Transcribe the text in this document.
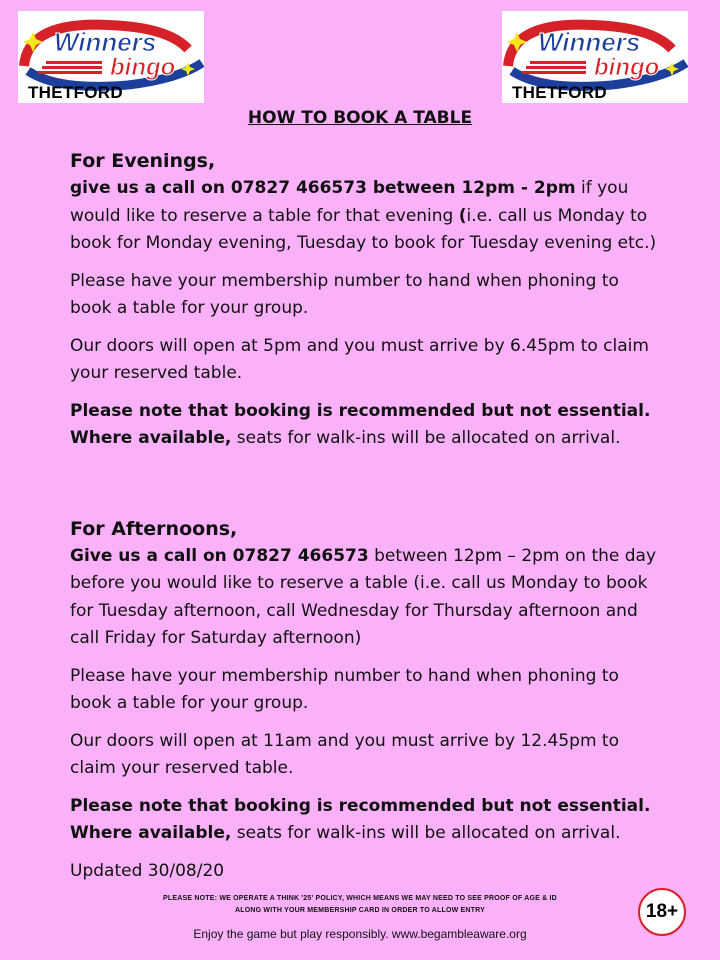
Winners
bingo
THETFORD
Winners
bingo
THETFORD
HOW TO BOOK A TABLE
For Evenings,

give us a call on 07827 466573 between 12pm - 2pm if you would like to reserve a table for that evening (i.e. call us Monday to book for Monday evening, Tuesday to book for Tuesday evening etc.)

Please have your membership number to hand when phoning to book a table for your group.

Our doors will open at 5pm and you must arrive by 6.45pm to claim your reserved table.

Please note that booking is recommended but not essential.
Where available, seats for walk-ins will be allocated on arrival.

For Afternoons,

Give us a call on 07827 466573 between 12pm – 2pm on the day before you would like to reserve a table (i.e. call us Monday to book for Tuesday afternoon, call Wednesday for Thursday afternoon and call Friday for Saturday afternoon)

Please have your membership number to hand when phoning to book a table for your group.

Our doors will open at 11am and you must arrive by 12.45pm to claim your reserved table.

Please note that booking is recommended but not essential.
Where available, seats for walk-ins will be allocated on arrival.

Updated 30/08/20

PLEASE NOTE: WE OPERATE A THINK '25' POLICY, WHICH MEANS WE MAY NEED TO SEE PROOF OF AGE & ID ALONG WITH YOUR MEMBERSHIP CARD IN ORDER TO ALLOW ENTRY	18+
Enjoy the game but play responsibly. www.begambleaware.org
